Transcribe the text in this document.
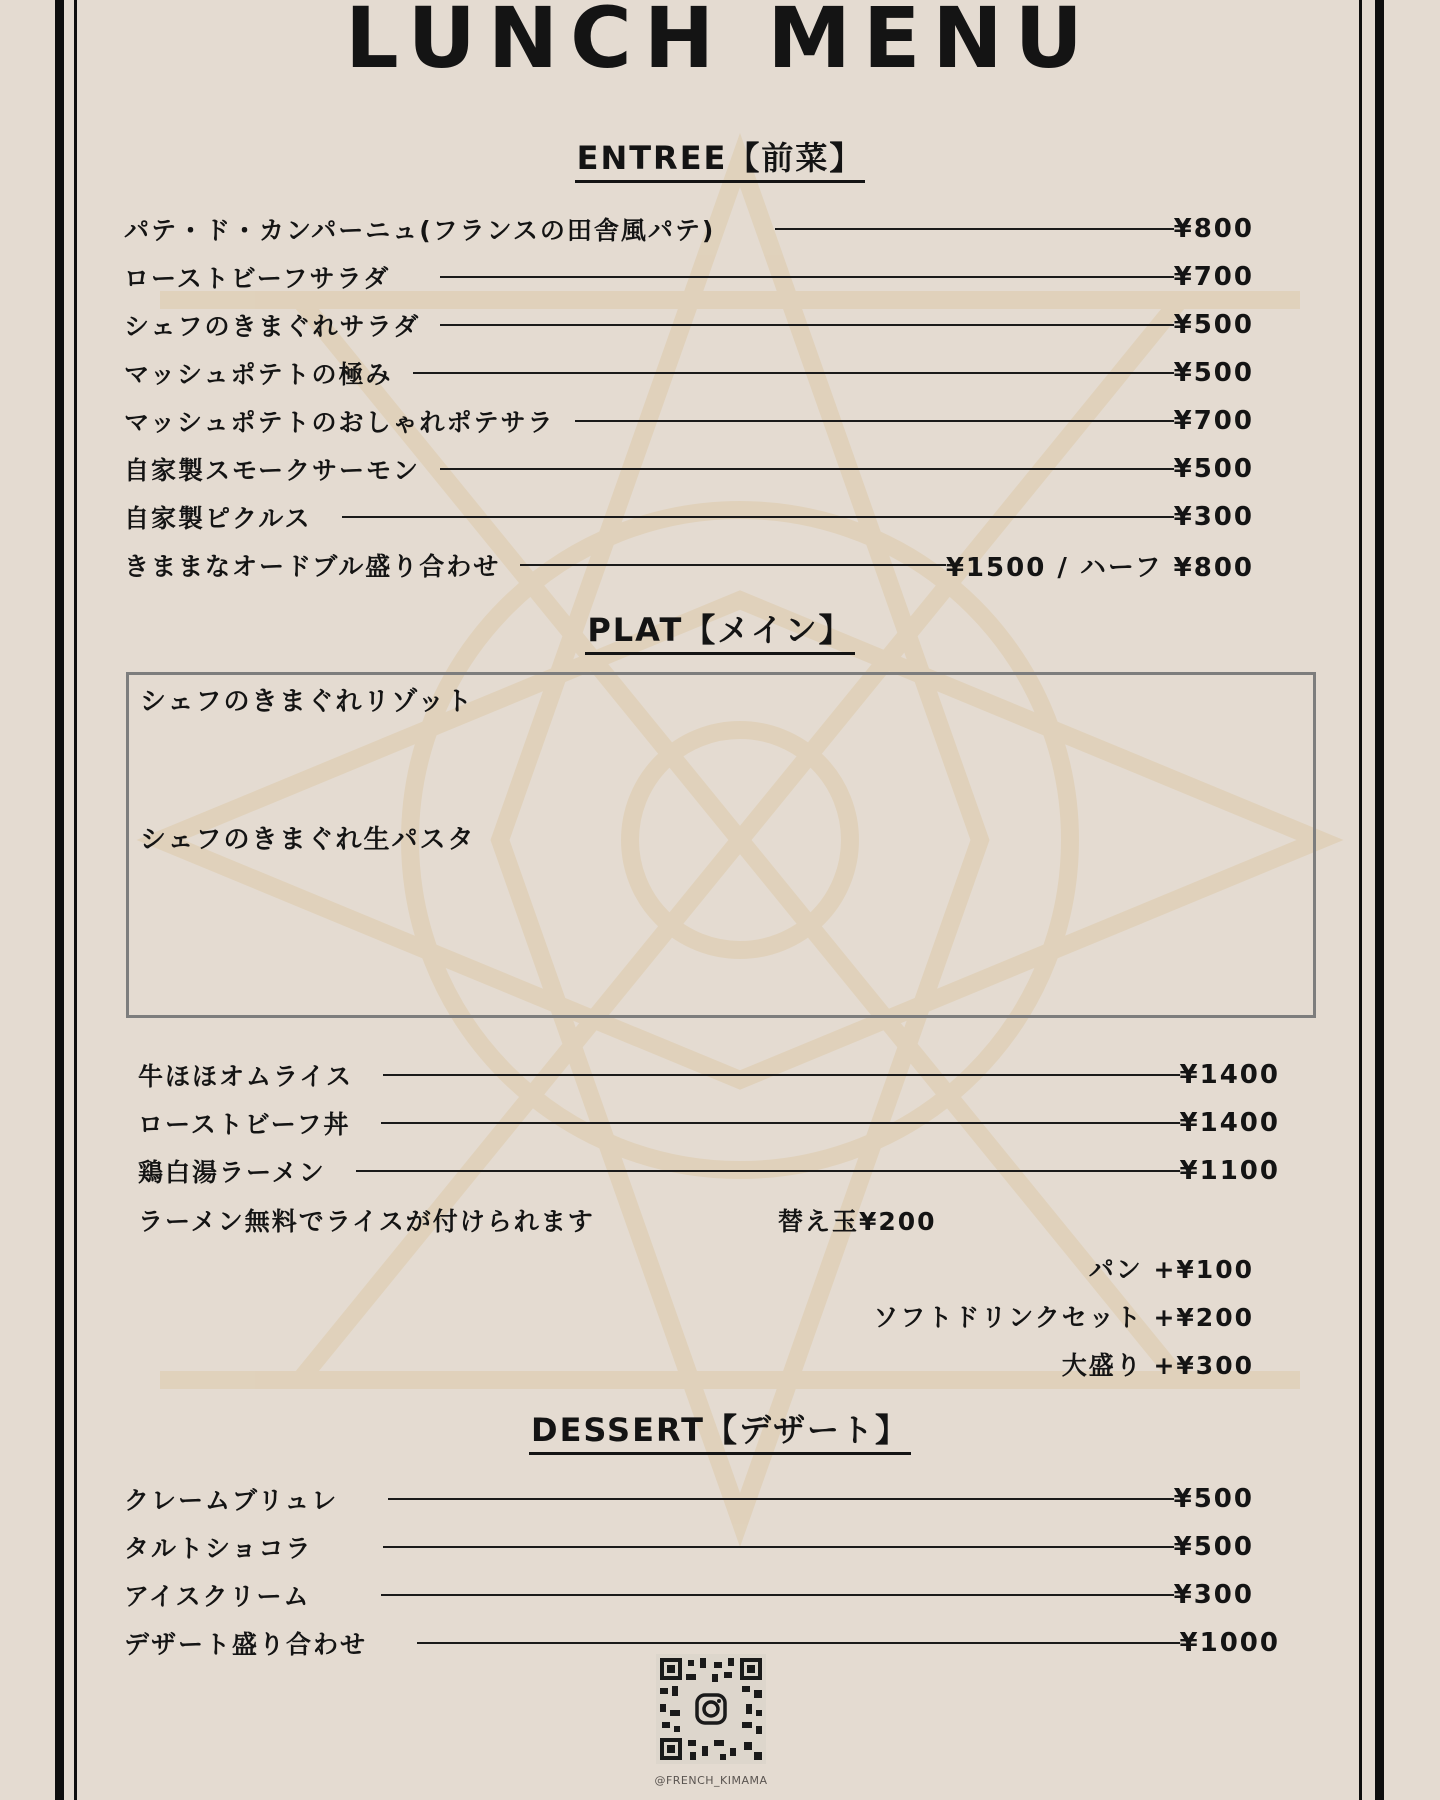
LUNCH MENU
ENTREE【前菜】
パテ・ド・カンパーニュ(フランスの田舎風パテ)	¥800
ローストビーフサラダ	¥700
シェフのきまぐれサラダ	¥500
マッシュポテトの極み	¥500
マッシュポテトのおしゃれポテサラ	¥700
自家製スモークサーモン	¥500
自家製ピクルス	¥300
きままなオードブル盛り合わせ	¥1500 / ハーフ ¥800
PLAT【メイン】
シェフのきまぐれリゾット
シェフのきまぐれ生パスタ
牛ほほオムライス	¥1400
ローストビーフ丼	¥1400
鶏白湯ラーメン	¥1100
ラーメン無料でライスが付けられます	替え玉¥200
パン +¥100
ソフトドリンクセット +¥200
大盛り +¥300
DESSERT【デザート】
クレームブリュレ	¥500
タルトショコラ	¥500
アイスクリーム	¥300
デザート盛り合わせ	¥1000
@FRENCH_KIMAMA
